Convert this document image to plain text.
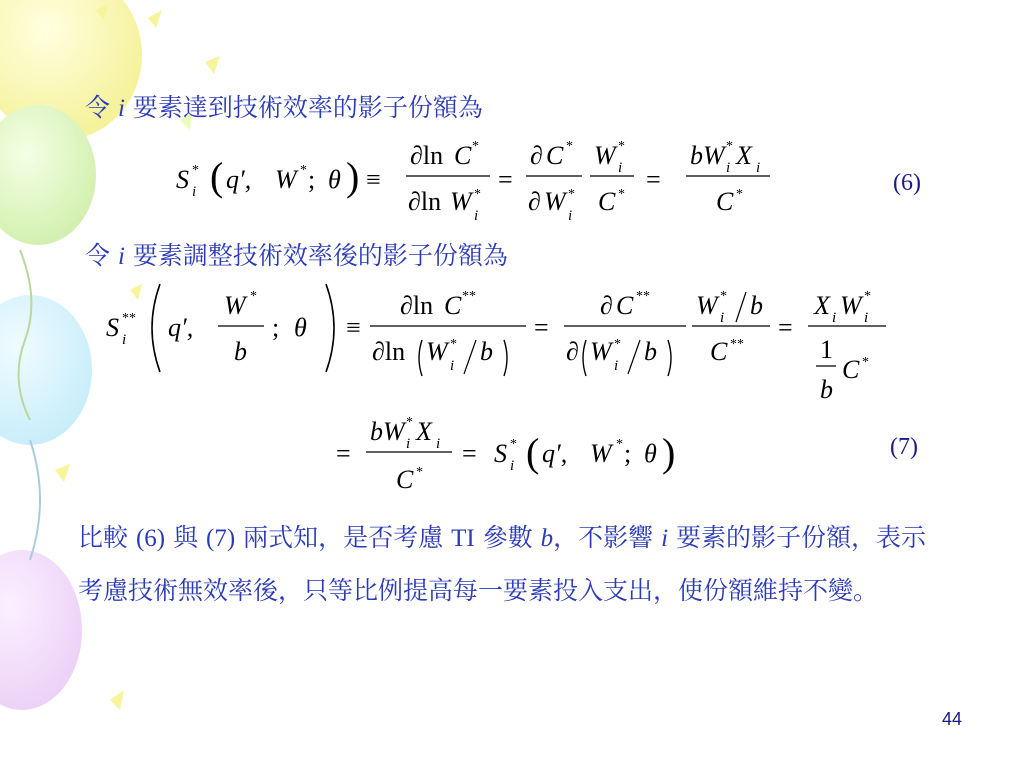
令 i 要素達到技術效率的影子份額為
S *
i ( q′, W * ; θ ) ≡
∂ln C *
∂ln W *
i
=
∂ C *
∂ W *
i
W *
i
C *
=
bW *
i X i
C *	(6)
令 i 要素調整技術效率後的影子份額為
S **
i q′,
W *
b
; θ ≡
∂ln C **
∂ln W *
i b
=
∂ C **
∂ W *
i b
W *
i b
C **
=
X i W *
i
1
b
C *
=
bW *
i X i
C *
= S *
i ( q′, W * ; θ )	(7)
比較 (6) 與 (7) 兩式知，是否考慮 TI 參數 b，不影響 i 要素的影子份額，表示考慮技術無效率後，只等比例提高每一要素投入支出，使份額維持不變。
44
